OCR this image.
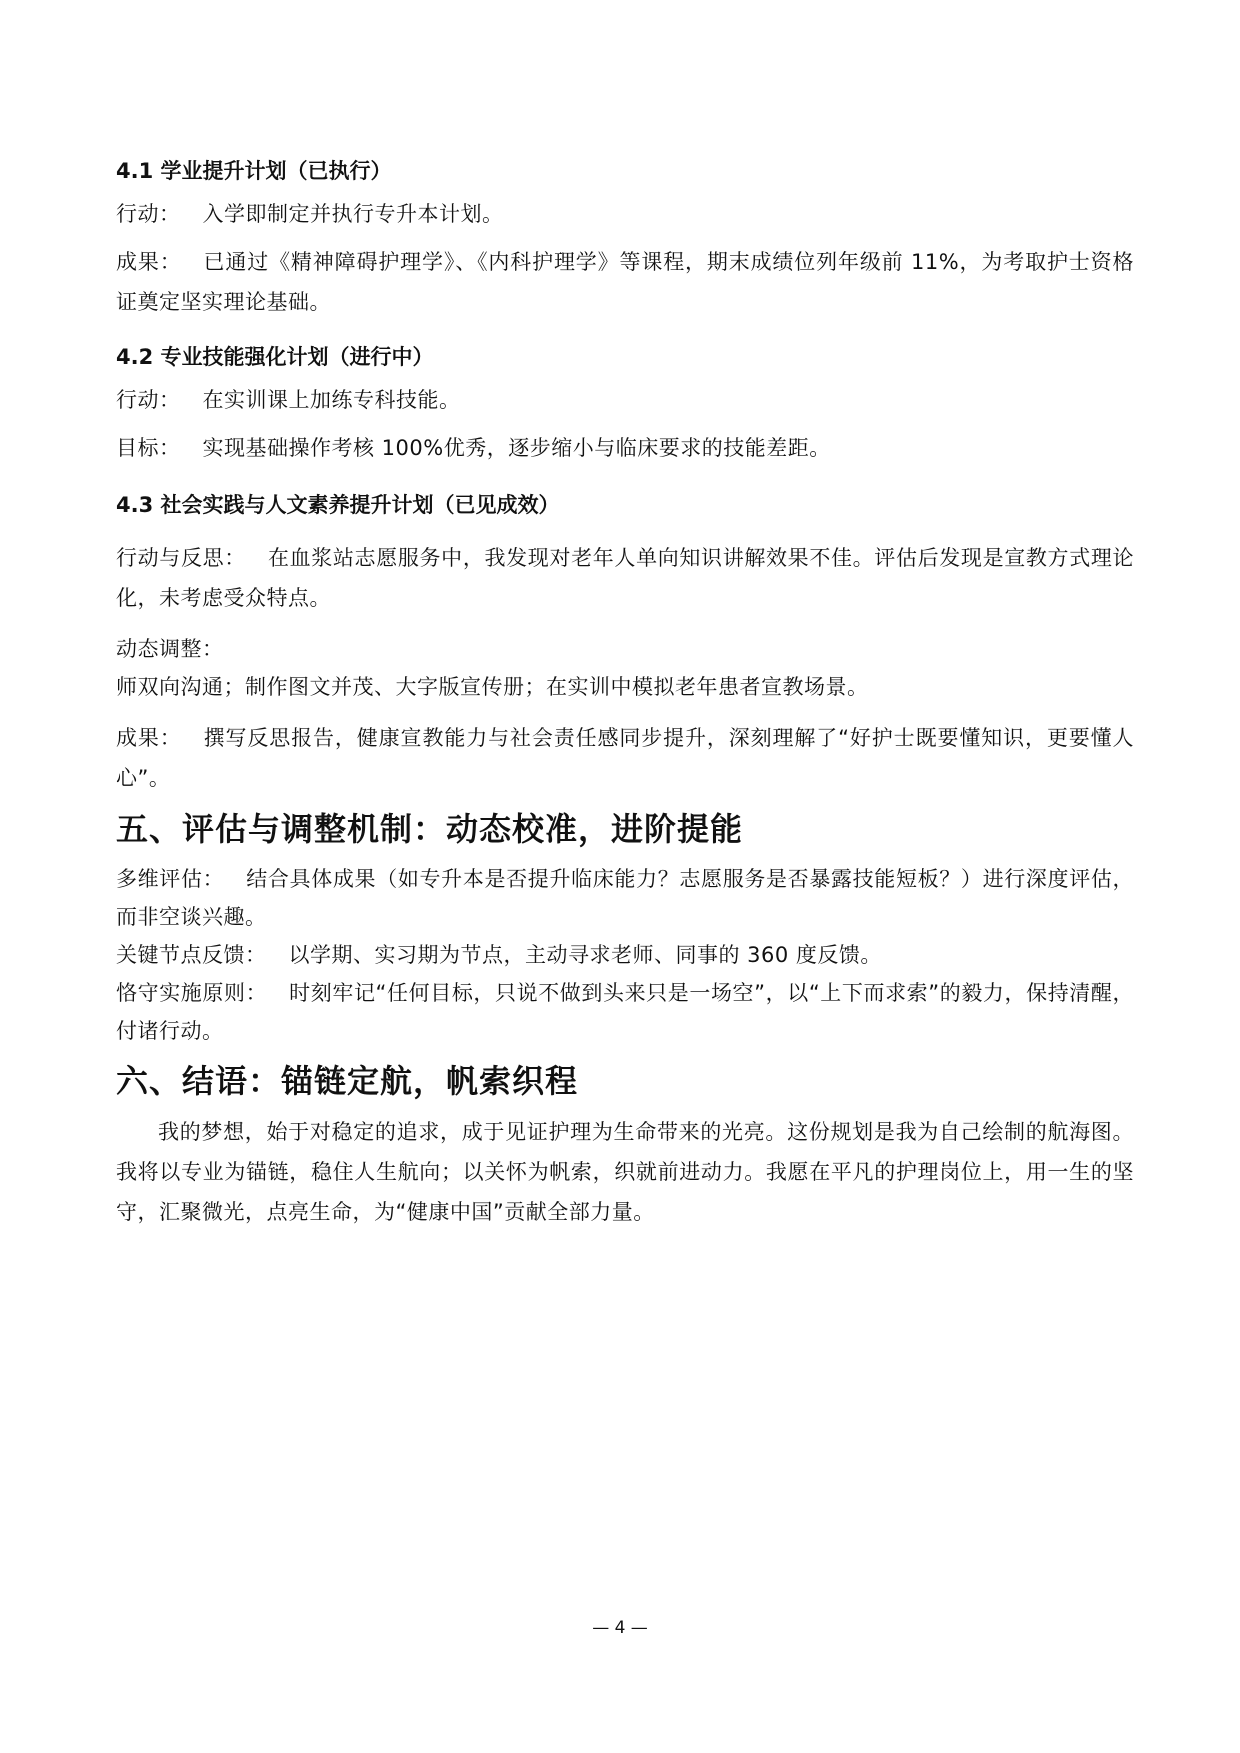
4.1 学业提升计划（已执行）

行动： 入学即制定并执行专升本计划。

成果： 已通过《精神障碍护理学》、《内科护理学》等课程，期末成绩位列年级前 11%，为考取护士资格证奠定坚实理论基础。

4.2 专业技能强化计划（进行中）

行动： 在实训课上加练专科技能。

目标： 实现基础操作考核 100%优秀，逐步缩小与临床要求的技能差距。

4.3 社会实践与人文素养提升计划（已见成效）

行动与反思： 在血浆站志愿服务中，我发现对老年人单向知识讲解效果不佳。评估后发现是宣教方式理论化，未考虑受众特点。

动态调整：

师双向沟通；制作图文并茂、大字版宣传册；在实训中模拟老年患者宣教场景。

成果： 撰写反思报告，健康宣教能力与社会责任感同步提升，深刻理解了“好护士既要懂知识，更要懂人心”。

五、评估与调整机制：动态校准，进阶提能

多维评估： 结合具体成果（如专升本是否提升临床能力？志愿服务是否暴露技能短板？）进行深度评估，而非空谈兴趣。

关键节点反馈： 以学期、实习期为节点，主动寻求老师、同事的 360 度反馈。

恪守实施原则： 时刻牢记“任何目标，只说不做到头来只是一场空”，以“上下而求索”的毅力，保持清醒，付诸行动。

六、结语：锚链定航，帆索织程

我的梦想，始于对稳定的追求，成于见证护理为生命带来的光亮。这份规划是我为自己绘制的航海图。我将以专业为锚链，稳住人生航向；以关怀为帆索，织就前进动力。我愿在平凡的护理岗位上，用一生的坚守，汇聚微光，点亮生命，为“健康中国”贡献全部力量。

— 4 —
